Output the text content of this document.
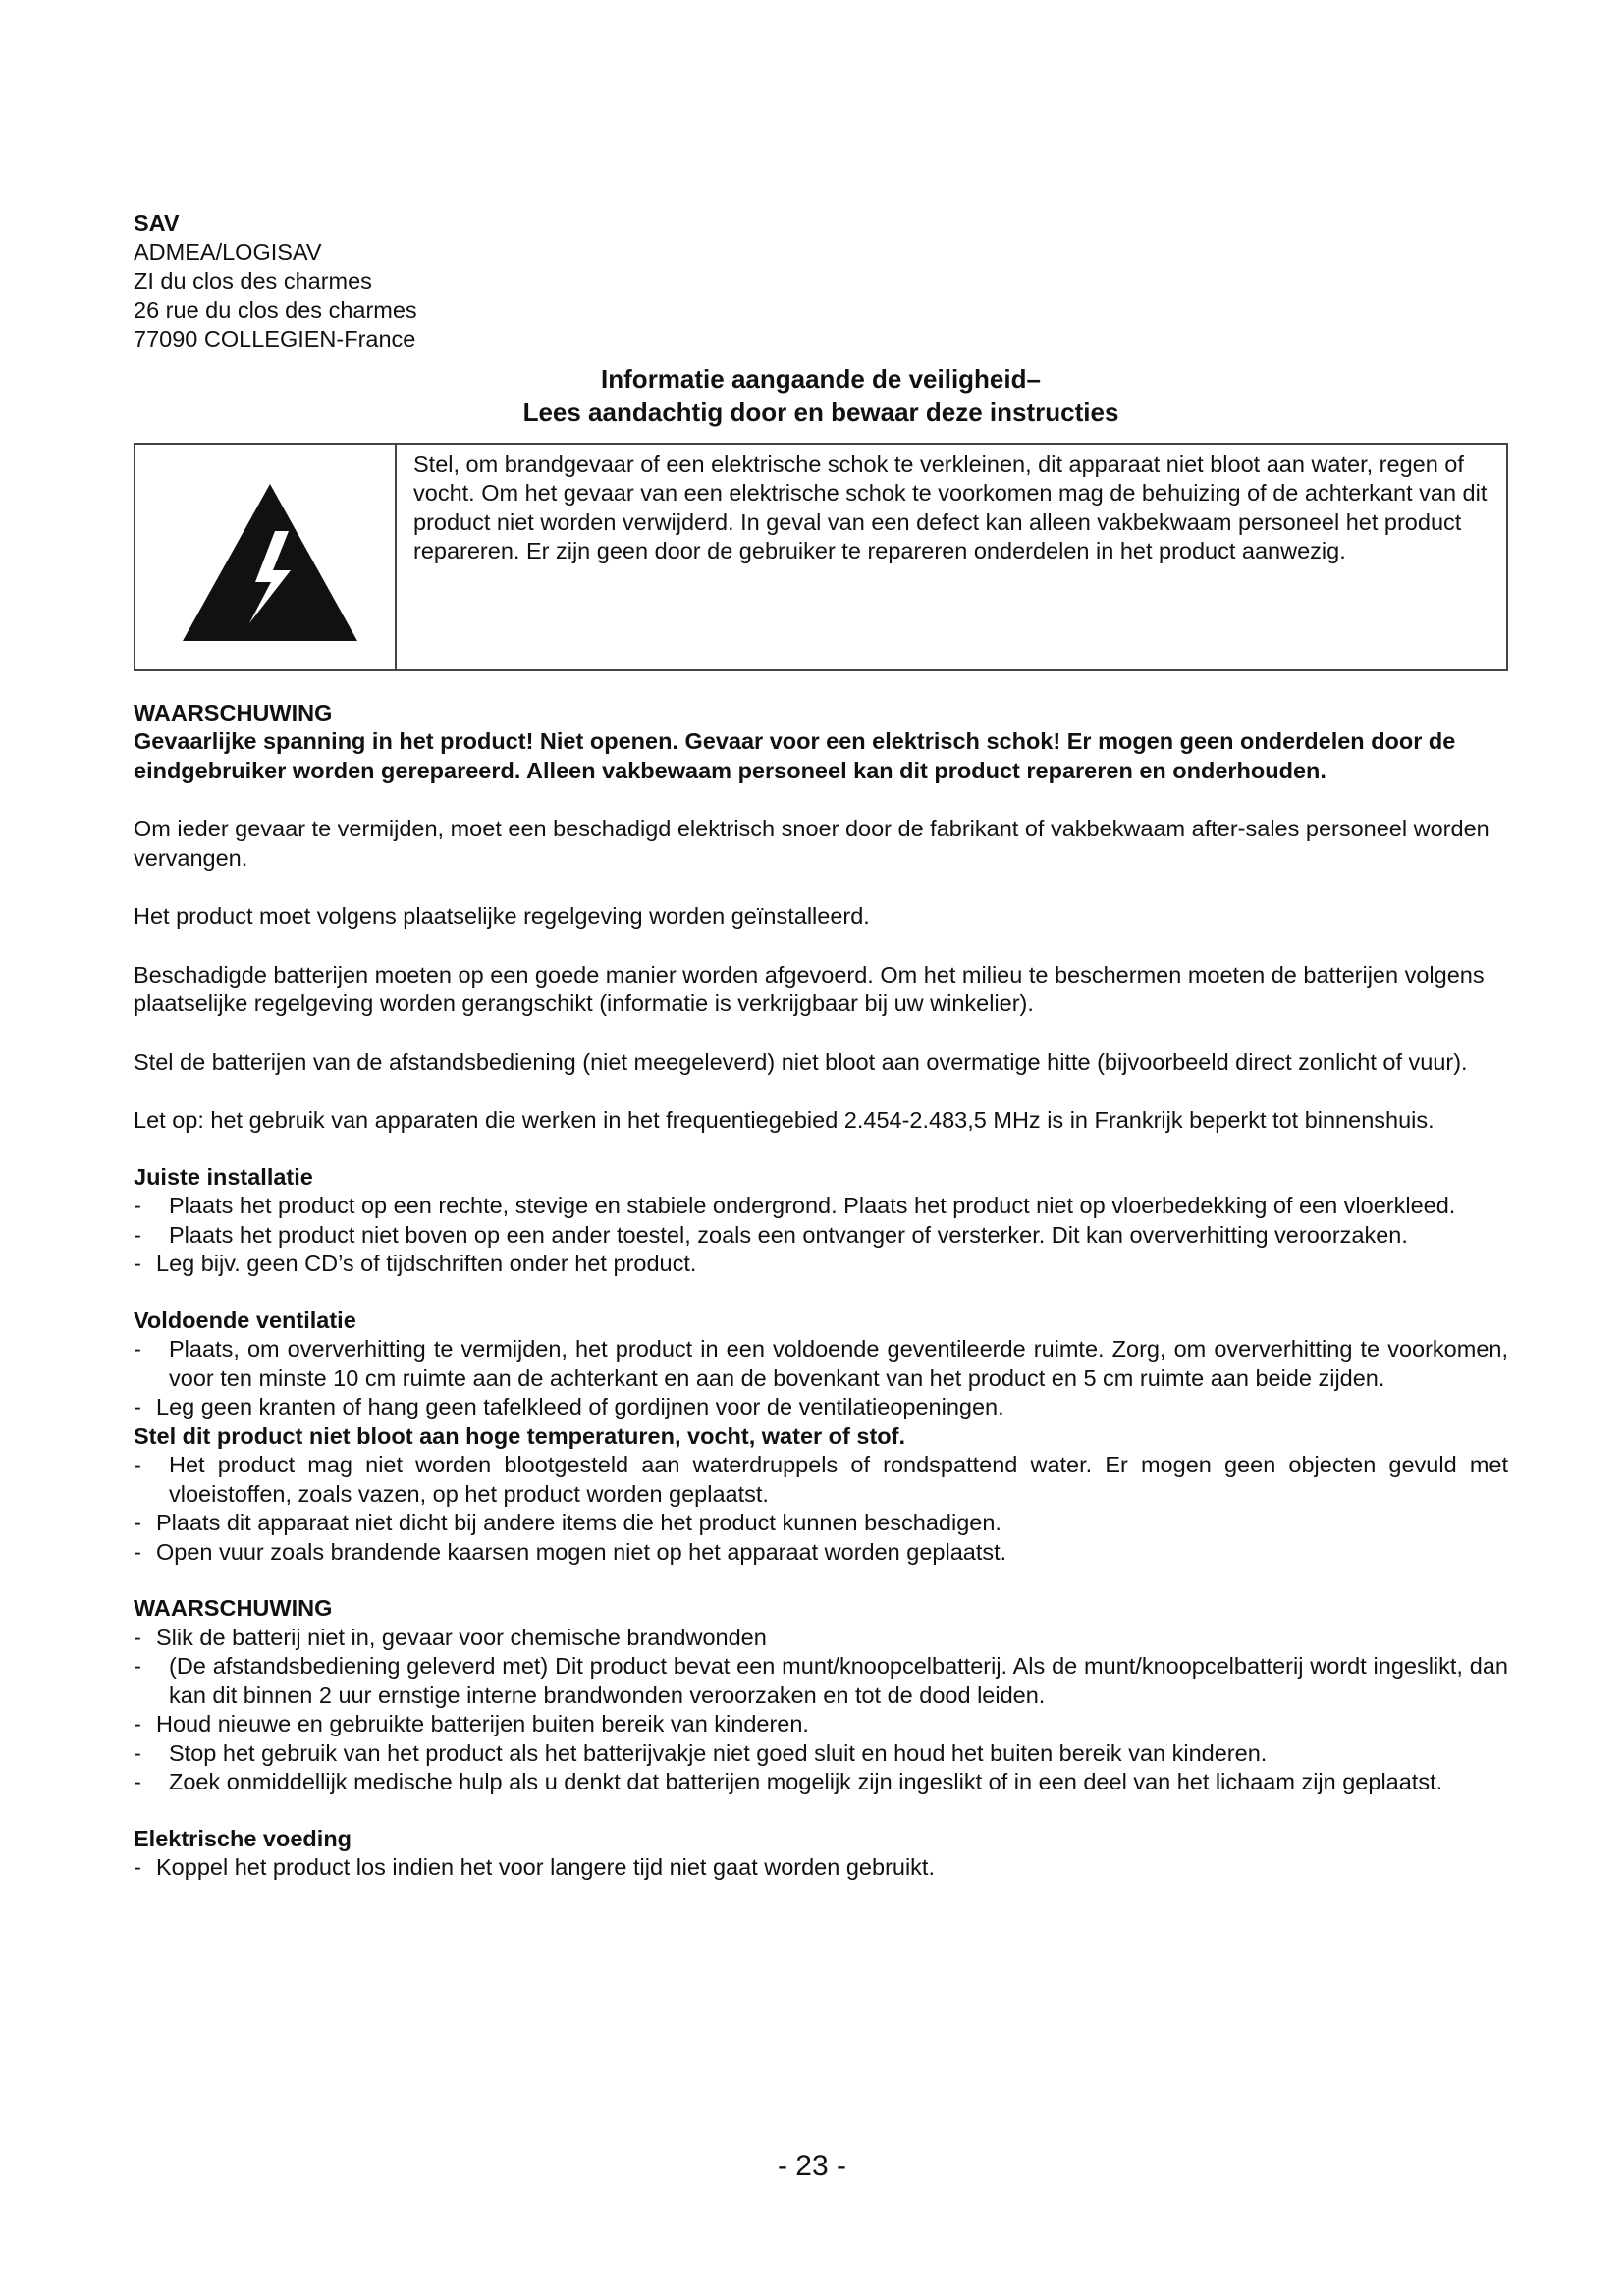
SAV
ADMEA/LOGISAV
ZI du clos des charmes
26 rue du clos des charmes
77090 COLLEGIEN-France
Informatie aangaande de veiligheid–
Lees aandachtig door en bewaar deze instructies
Stel, om brandgevaar of een elektrische schok te verkleinen, dit apparaat niet bloot aan water, regen of vocht. Om het gevaar van een elektrische schok te voorkomen mag de behuizing of de achterkant van dit product niet worden verwijderd. In geval van een defect kan alleen vakbekwaam personeel het product repareren. Er zijn geen door de gebruiker te repareren onderdelen in het product aanwezig.
WAARSCHUWING
Gevaarlijke spanning in het product! Niet openen. Gevaar voor een elektrisch schok! Er mogen geen onderdelen door de eindgebruiker worden gerepareerd. Alleen vakbewaam personeel kan dit product repareren en onderhouden.
Om ieder gevaar te vermijden, moet een beschadigd elektrisch snoer door de fabrikant of vakbekwaam after-sales personeel worden vervangen.
Het product moet volgens plaatselijke regelgeving worden geïnstalleerd.
Beschadigde batterijen moeten op een goede manier worden afgevoerd. Om het milieu te beschermen moeten de batterijen volgens plaatselijke regelgeving worden gerangschikt (informatie is verkrijgbaar bij uw winkelier).
Stel de batterijen van de afstandsbediening (niet meegeleverd) niet bloot aan overmatige hitte (bijvoorbeeld direct zonlicht of vuur).
Let op: het gebruik van apparaten die werken in het frequentiegebied 2.454-2.483,5 MHz is in Frankrijk beperkt tot binnenshuis.
Juiste installatie
- Plaats het product op een rechte, stevige en stabiele ondergrond. Plaats het product niet op vloerbedekking of een vloerkleed.
- Plaats het product niet boven op een ander toestel, zoals een ontvanger of versterker. Dit kan oververhitting veroorzaken.
- Leg bijv. geen CD’s of tijdschriften onder het product.
Voldoende ventilatie
- Plaats, om oververhitting te vermijden, het product in een voldoende geventileerde ruimte. Zorg, om oververhitting te voorkomen, voor ten minste 10 cm ruimte aan de achterkant en aan de bovenkant van het product en 5 cm ruimte aan beide zijden.
- Leg geen kranten of hang geen tafelkleed of gordijnen voor de ventilatieopeningen.
Stel dit product niet bloot aan hoge temperaturen, vocht, water of stof.
- Het product mag niet worden blootgesteld aan waterdruppels of rondspattend water. Er mogen geen objecten gevuld met vloeistoffen, zoals vazen, op het product worden geplaatst.
- Plaats dit apparaat niet dicht bij andere items die het product kunnen beschadigen.
- Open vuur zoals brandende kaarsen mogen niet op het apparaat worden geplaatst.
WAARSCHUWING
- Slik de batterij niet in, gevaar voor chemische brandwonden
- (De afstandsbediening geleverd met) Dit product bevat een munt/knoopcelbatterij. Als de munt/knoopcelbatterij wordt ingeslikt, dan kan dit binnen 2 uur ernstige interne brandwonden veroorzaken en tot de dood leiden.
- Houd nieuwe en gebruikte batterijen buiten bereik van kinderen.
- Stop het gebruik van het product als het batterijvakje niet goed sluit en houd het buiten bereik van kinderen.
- Zoek onmiddellijk medische hulp als u denkt dat batterijen mogelijk zijn ingeslikt of in een deel van het lichaam zijn geplaatst.
Elektrische voeding
- Koppel het product los indien het voor langere tijd niet gaat worden gebruikt.
- 23 -
